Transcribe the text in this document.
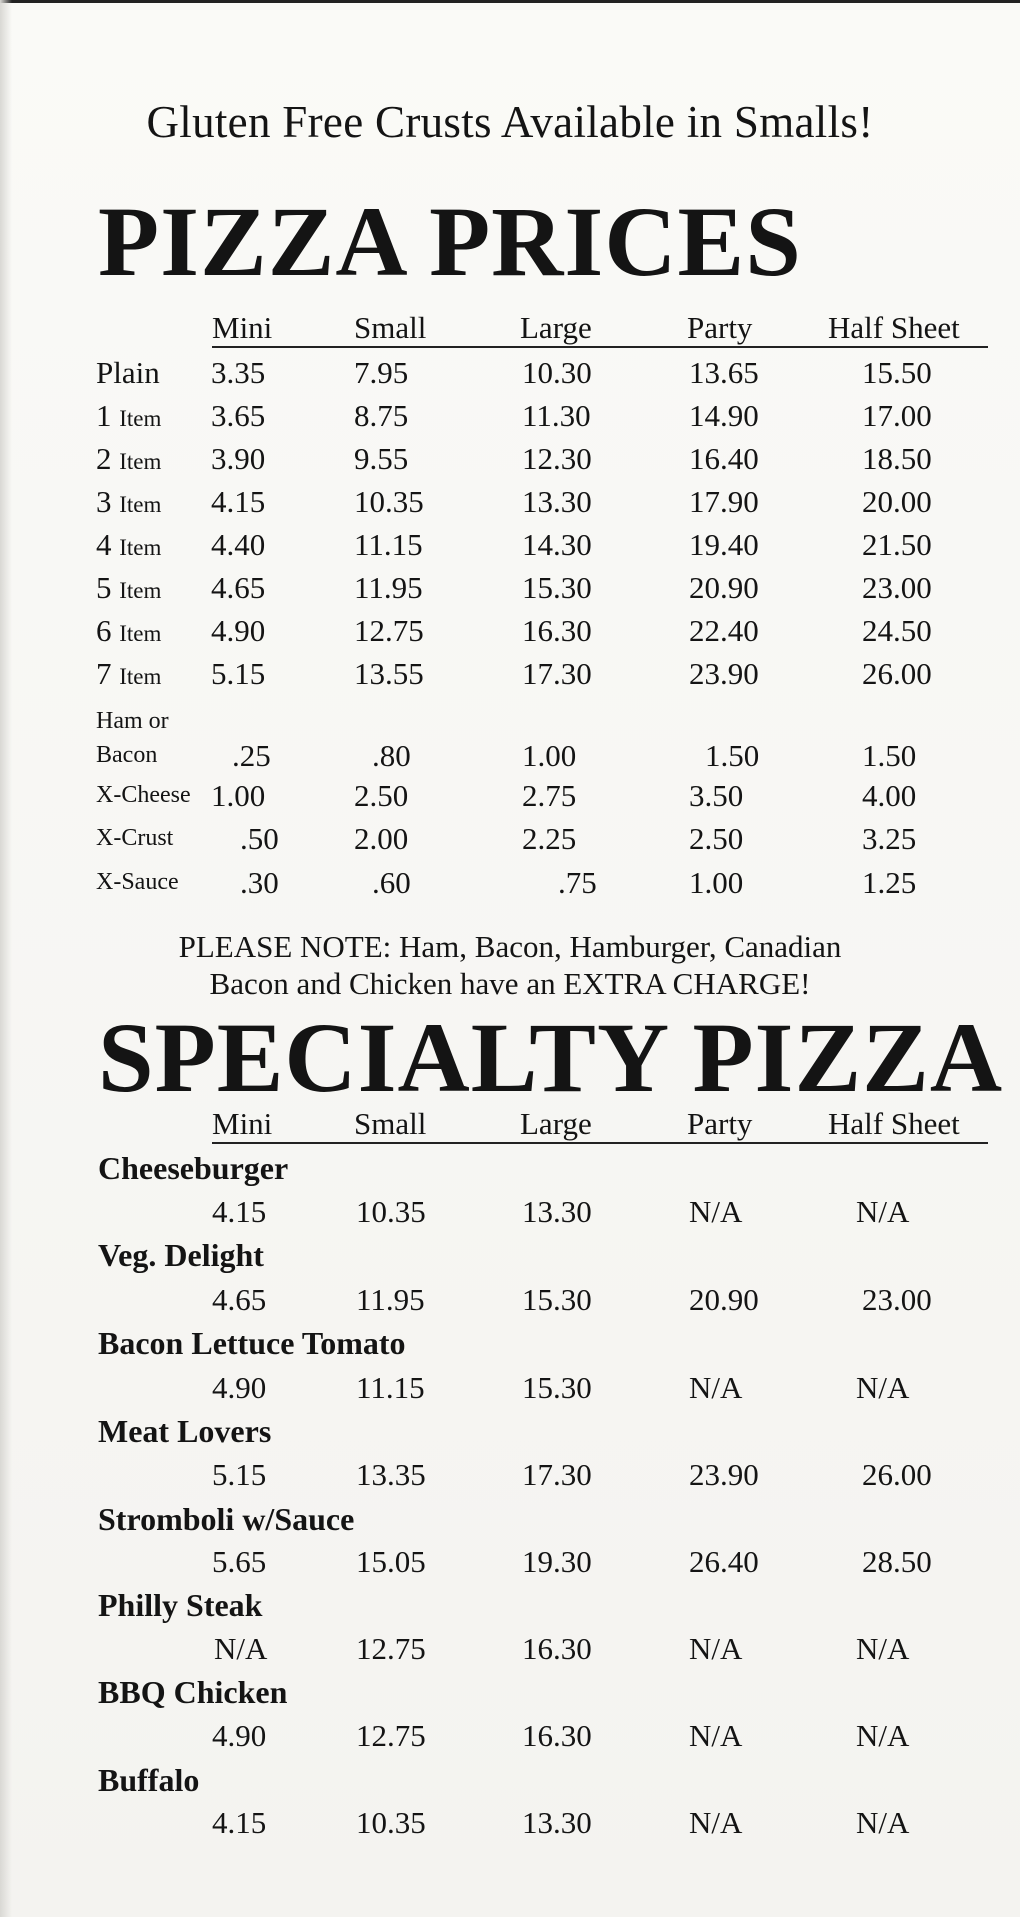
Gluten Free Crusts Available in Smalls!
PIZZA PRICES
Mini	Small	Large	Party Half Sheet
Plain 3.35	7.95	10.30	13.65	15.50
1 Item 3.65	8.75	11.30	14.90	17.00
2 Item 3.90	9.55	12.30	16.40	18.50
3 Item 4.15	10.35	13.30	17.90	20.00
4 Item 4.40	11.15	14.30	19.40	21.50
5 Item 4.65	11.95	15.30	20.90	23.00
6 Item 4.90	12.75	16.30	22.40	24.50
7 Item 5.15	13.55	17.30	23.90	26.00
Ham or
Bacon .25	.80	1.00	1.50	1.50
X-Cheese 1.00	2.50	2.75	3.50	4.00
X-Crust .50 2.00	2.25	2.50	3.25
X-Sauce .30	.60	.75	1.00	1.25
PLEASE NOTE: Ham, Bacon, Hamburger, Canadian
Bacon and Chicken have an EXTRA CHARGE!
SPECIALTY PIZZA
Mini	Small	Large	Party Half Sheet
Cheeseburger
4.15	10.35	13.30	N/A	N/A
Veg. Delight
4.65	11.95	15.30	20.90	23.00
Bacon Lettuce Tomato
4.90	11.15	15.30	N/A	N/A
Meat Lovers
5.15	13.35	17.30	23.90	26.00
Stromboli w/Sauce
5.65	15.05	19.30	26.40	28.50
Philly Steak
N/A	12.75	16.30	N/A	N/A
BBQ Chicken
4.90	12.75	16.30	N/A	N/A
Buffalo
4.15	10.35	13.30	N/A	N/A
